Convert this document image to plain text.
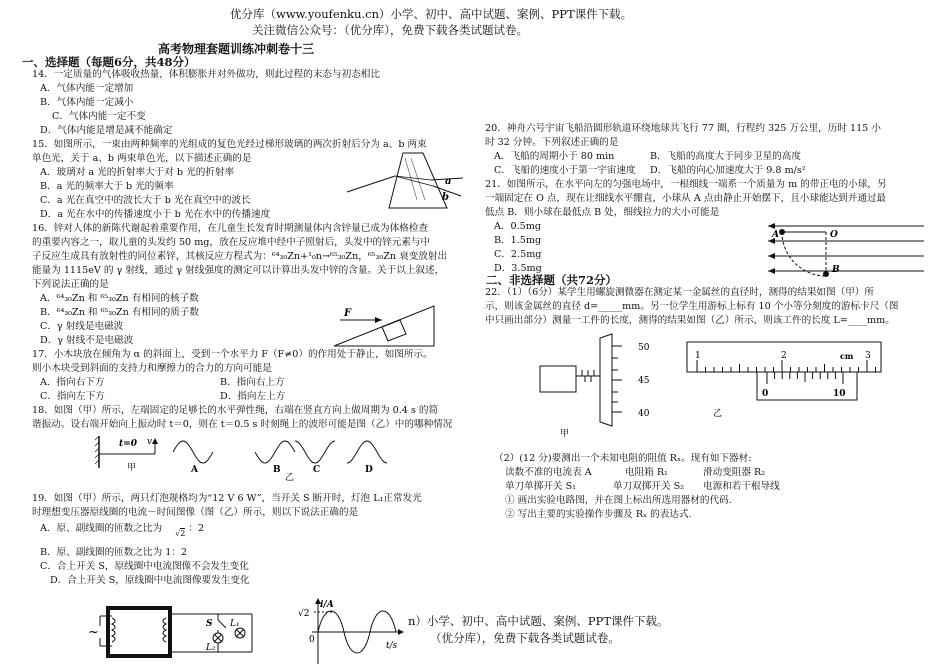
优分库（www.youfenku.cn）小学、初中、高中试题、案例、PPT课件下载。
关注微信公众号：（优分库），免费下载各类试题试卷。
高考物理套题训练冲刺卷十三
一、选择题（每题6分，共48分）
14．一定质量的气体吸收热量，体积膨胀并对外做功，则此过程的末态与初态相比
A．气体内能一定增加
B．气体内能一定减小
C．气体内能一定不变
D．气体内能是增是减不能确定
15．如图所示，一束由两种频率的光组成的复色光经过梯形玻璃的两次折射后分为 a、b 两束
单色光，关于 a、b 两束单色光，以下描述正确的是
A．玻璃对 a 光的折射率大于对 b 光的折射率
B．a 光的频率大于 b 光的频率
C．a 光在真空中的波长大于 b 光在真空中的波长
D．a 光在水中的传播速度小于 b 光在水中的传播速度
a
b
16．锌对人体的新陈代谢起着重要作用，在儿童生长发育时期测量体内含锌量已成为体格检查
的重要内容之一，取儿童的头发约 50 mg，放在反应堆中经中子照射后，头发中的锌元素与中
子反应生成具有放射性的同位素锌，其核反应方程式为：⁶⁴₃₀Zn+¹₀n→⁶⁵₃₀Zn，⁶⁵₃₀Zn 衰变放射出
能量为 1115eV 的 γ 射线，通过 γ 射线强度的测定可以计算出头发中锌的含量。关于以上叙述，
下列说法正确的是
A．⁶⁴₃₀Zn 和 ⁶⁵₃₀Zn 有相同的核子数
B．⁶⁴₃₀Zn 和 ⁶⁵₃₀Zn 有相同的质子数
C．γ 射线是电磁波
D．γ 射线不是电磁波
F
17．小木块放在倾角为 α 的斜面上，受到一个水平力 F（F≠0）的作用处于静止，如图所示。
则小木块受到斜面的支持力和摩擦力的合力的方向可能是
A．指向右下方	B．指向右上方
C．指向左下方	D．指向左上方
18．如图（甲）所示，左端固定的足够长的水平弹性绳，右端在竖直方向上做周期为 0.4 s 的简
谐振动。设右端开始向上振动时 t＝0，则在 t＝0.5 s 时刻绳上的波形可能是图（乙）中的哪种情况
t=0 v
甲
乙
A	B	C	D
19．如图（甲）所示，两只灯泡规格均为“12 V 6 W”，当开关 S 断开时，灯泡 L₁正常发光
时理想变压器原线圈的电流－时间图像（图（乙）所示，则以下说法正确的是
A．原、副线圈的匝数之比为 √2 ：2
B．原、副线圈的匝数之比为 1：2
C．合上开关 S，原线圈中电流图像不会发生变化
D．合上开关 S，原线圈中电流图像要发生变化
~
S L₁
L₂
i/A
t/s
√2
0
20．神舟六号宇宙飞船沿圆形轨道环绕地球共飞行 77 圈，行程约 325 万公里，历时 115 小
时 32 分钟。下列叙述正确的是
A．飞船的周期小于 80 min	B．飞船的高度大于同步卫星的高度
C．飞船的速度小于第一宇宙速度 D．飞船的向心加速度大于 9.8 m/s²
21．如图所示，在水平向左的匀强电场中，一根细线一端系一个质量为 m 的带正电的小球，另
一端固定在 O 点，现在让细线水平绷直，小球从 A 点由静止开始摆下，且小球能达到并通过最
低点 B．则小球在最低点 B 处，细线拉力的大小可能是
A．0.5mg
B．1.5mg
C．2.5mg
D．3.5mg
A	O
B
二、非选择题（共72分）
22．（1）（6分）某学生用螺旋测微器在测定某一金属丝的直径时，测得的结果如图（甲）所
示，则该金属丝的直径 d=_____mm。另一位学生用游标上标有 10 个小等分刻度的游标卡尺（图
中只画出部分）测量一工件的长度，测得的结果如图（乙）所示，则该工件的长度 L=____mm。
50
45
40
甲
1	2	3
cm
0	10
乙
（2）(12 分)要测出一个未知电阻的阻值 Rₓ。现有如下器材:
读数不准的电流表 A	电阻箱 R₁	滑动变阻器 R₂
单刀单掷开关 S₁	单刀双掷开关 S₂ 电源和若干根导线
① 画出实验电路图，并在图上标出所选用器材的代码.
② 写出主要的实验操作步骤及 Rₓ 的表达式.
n）小学、初中、高中试题、案例、PPT课件下载。
（优分库），免费下载各类试题试卷。
